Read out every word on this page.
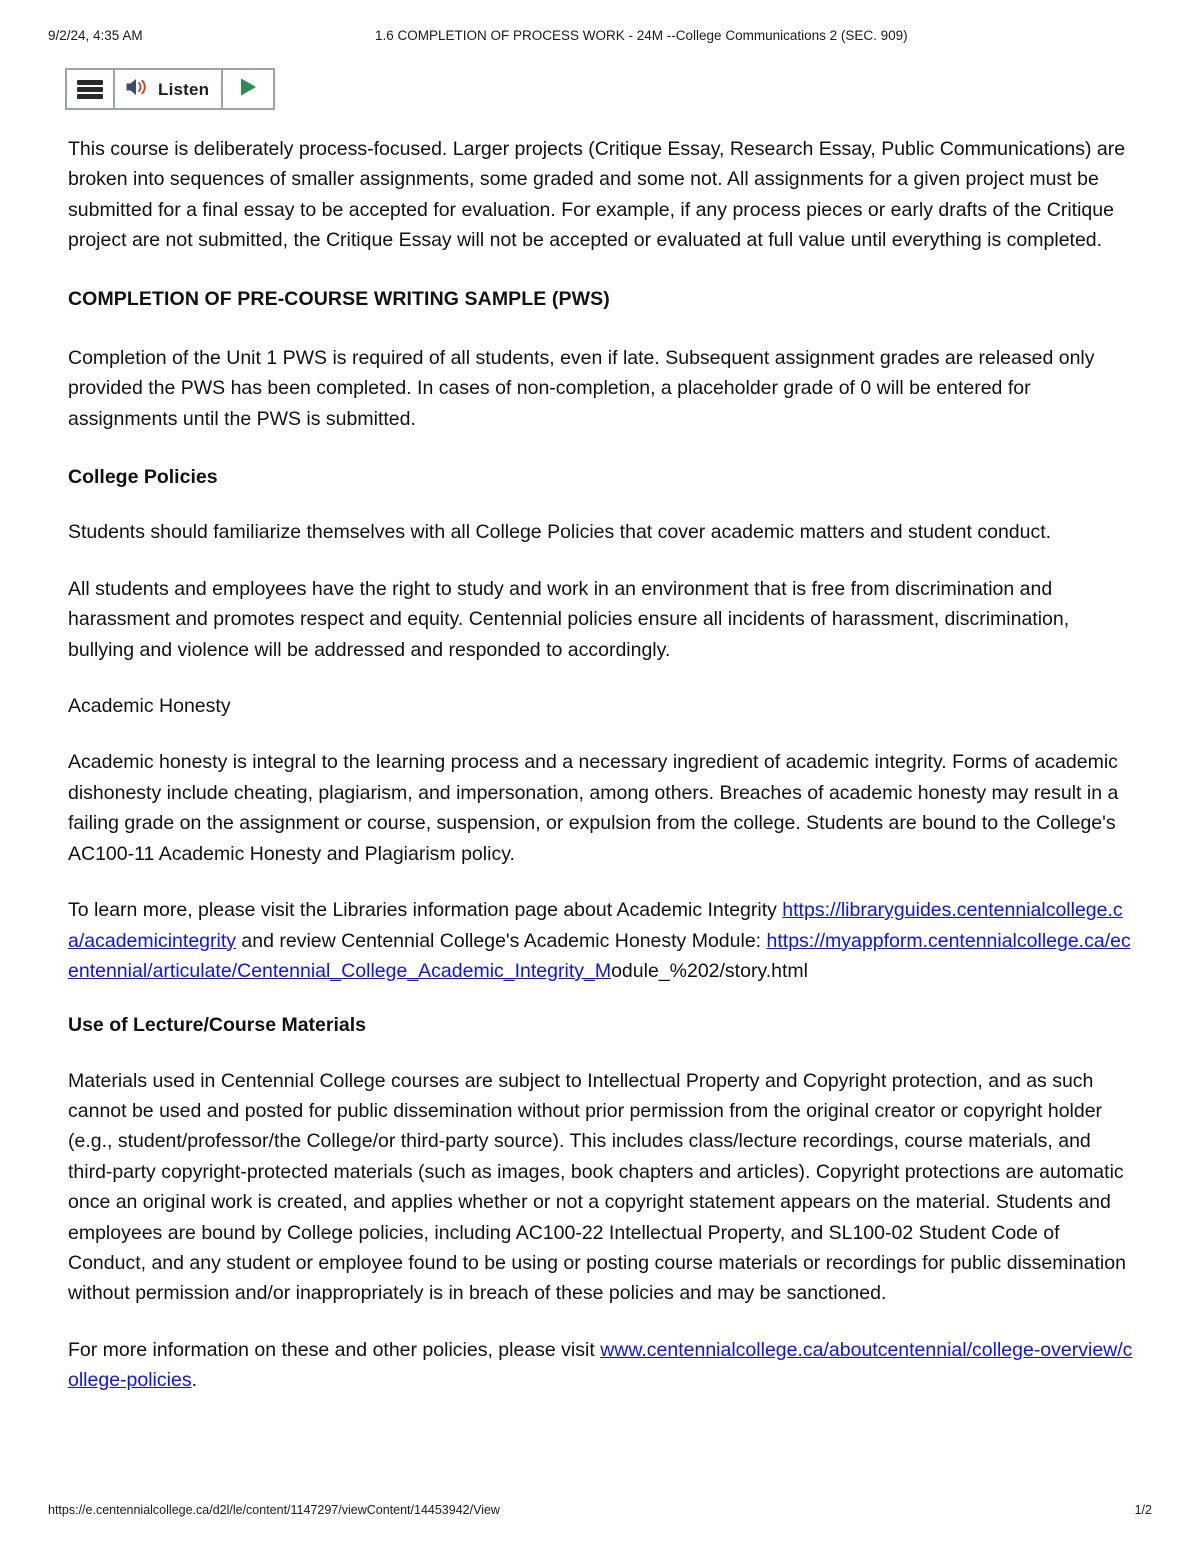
9/2/24, 4:35 AM	1.6 COMPLETION OF PROCESS WORK - 24M --College Communications 2 (SEC. 909)
Listen

This course is deliberately process-focused. Larger projects (Critique Essay, Research Essay, Public Communications) are broken into sequences of smaller assignments, some graded and some not. All assignments for a given project must be submitted for a final essay to be accepted for evaluation. For example, if any process pieces or early drafts of the Critique project are not submitted, the Critique Essay will not be accepted or evaluated at full value until everything is completed.

COMPLETION OF PRE-COURSE WRITING SAMPLE (PWS)

Completion of the Unit 1 PWS is required of all students, even if late. Subsequent assignment grades are released only provided the PWS has been completed. In cases of non-completion, a placeholder grade of 0 will be entered for assignments until the PWS is submitted.

College Policies

Students should familiarize themselves with all College Policies that cover academic matters and student conduct.

All students and employees have the right to study and work in an environment that is free from discrimination and harassment and promotes respect and equity. Centennial policies ensure all incidents of harassment, discrimination, bullying and violence will be addressed and responded to accordingly.

Academic Honesty

Academic honesty is integral to the learning process and a necessary ingredient of academic integrity. Forms of academic dishonesty include cheating, plagiarism, and impersonation, among others. Breaches of academic honesty may result in a failing grade on the assignment or course, suspension, or expulsion from the college. Students are bound to the College's AC100-11 Academic Honesty and Plagiarism policy.

To learn more, please visit the Libraries information page about Academic Integrity https://libraryguides.centennialcollege.ca/academicintegrity and review Centennial College's Academic Honesty Module: https://myappform.centennialcollege.ca/ecentennial/articulate/Centennial_College_Academic_Integrity_Module_%202/story.html

Use of Lecture/Course Materials

Materials used in Centennial College courses are subject to Intellectual Property and Copyright protection, and as such cannot be used and posted for public dissemination without prior permission from the original creator or copyright holder (e.g., student/professor/the College/or third-party source). This includes class/lecture recordings, course materials, and third-party copyright-protected materials (such as images, book chapters and articles). Copyright protections are automatic once an original work is created, and applies whether or not a copyright statement appears on the material. Students and employees are bound by College policies, including AC100-22 Intellectual Property, and SL100-02 Student Code of Conduct, and any student or employee found to be using or posting course materials or recordings for public dissemination without permission and/or inappropriately is in breach of these policies and may be sanctioned.

For more information on these and other policies, please visit www.centennialcollege.ca/aboutcentennial/college-overview/college-policies.

https://e.centennialcollege.ca/d2l/le/content/1147297/viewContent/14453942/View	1/2
